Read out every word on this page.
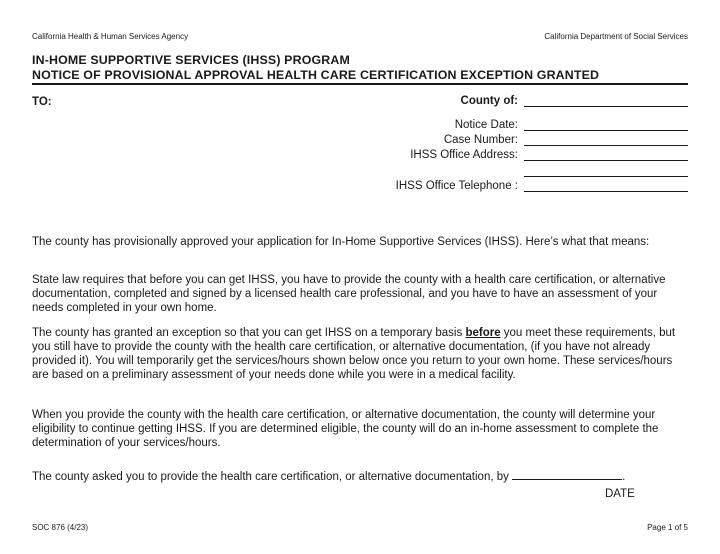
California Health & Human Services Agency	California Department of Social Services
IN-HOME SUPPORTIVE SERVICES (IHSS) PROGRAM
NOTICE OF PROVISIONAL APPROVAL HEALTH CARE CERTIFICATION EXCEPTION GRANTED
TO:	County of:
Notice Date:
Case Number:
IHSS Office Address:
IHSS Office Telephone :

The county has provisionally approved your application for In-Home Supportive Services (IHSS). Here’s what that means:

State law requires that before you can get IHSS, you have to provide the county with a health care certification, or alternative documentation, completed and signed by a licensed health care professional, and you have to have an assessment of your needs completed in your own home.

The county has granted an exception so that you can get IHSS on a temporary basis before you meet these requirements, but you still have to provide the county with the health care certification, or alternative documentation, (if you have not already provided it). You will temporarily get the services/hours shown below once you return to your own home. These services/hours are based on a preliminary assessment of your needs done while you were in a medical facility.

When you provide the county with the health care certification, or alternative documentation, the county will determine your eligibility to continue getting IHSS. If you are determined eligible, the county will do an in-home assessment to complete the determination of your services/hours.

The county asked you to provide the health care certification, or alternative documentation, by	.

DATE
SOC 876 (4/23)	Page 1 of 5
